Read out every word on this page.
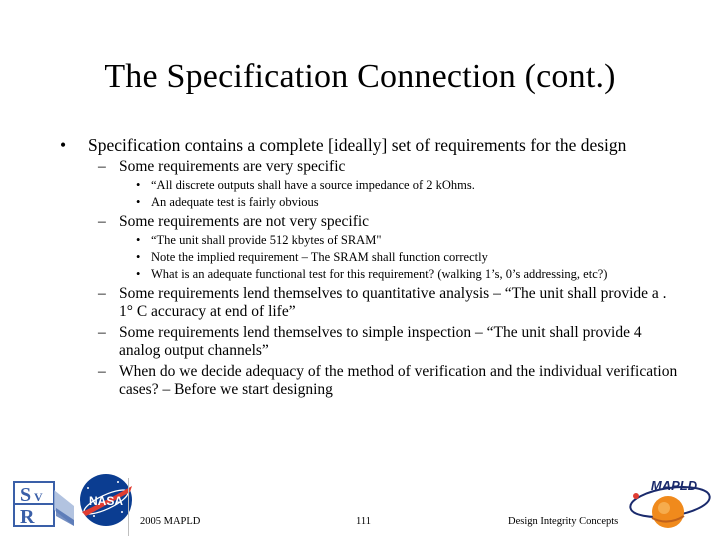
The Specification Connection (cont.)
• Specification contains a complete [ideally] set of requirements for the design
– Some requirements are very specific
• “All discrete outputs shall have a source impedance of 2 kOhms.
• An adequate test is fairly obvious
– Some requirements are not very specific
• “The unit shall provide 512 kbytes of SRAM"
• Note the implied requirement – The SRAM shall function correctly
• What is an adequate functional test for this requirement? (walking 1’s, 0’s addressing, etc?)
– Some requirements lend themselves to quantitative analysis – “The unit shall provide a . 1° C accuracy at end of life”
– Some requirements lend themselves to simple inspection – “The unit shall provide 4 analog output channels”
– When do we decide adequacy of the method of verification and the individual verification cases? – Before we start designing
S V
R
NASA
MAPLD
2005 MAPLD	111	Design Integrity Concepts
